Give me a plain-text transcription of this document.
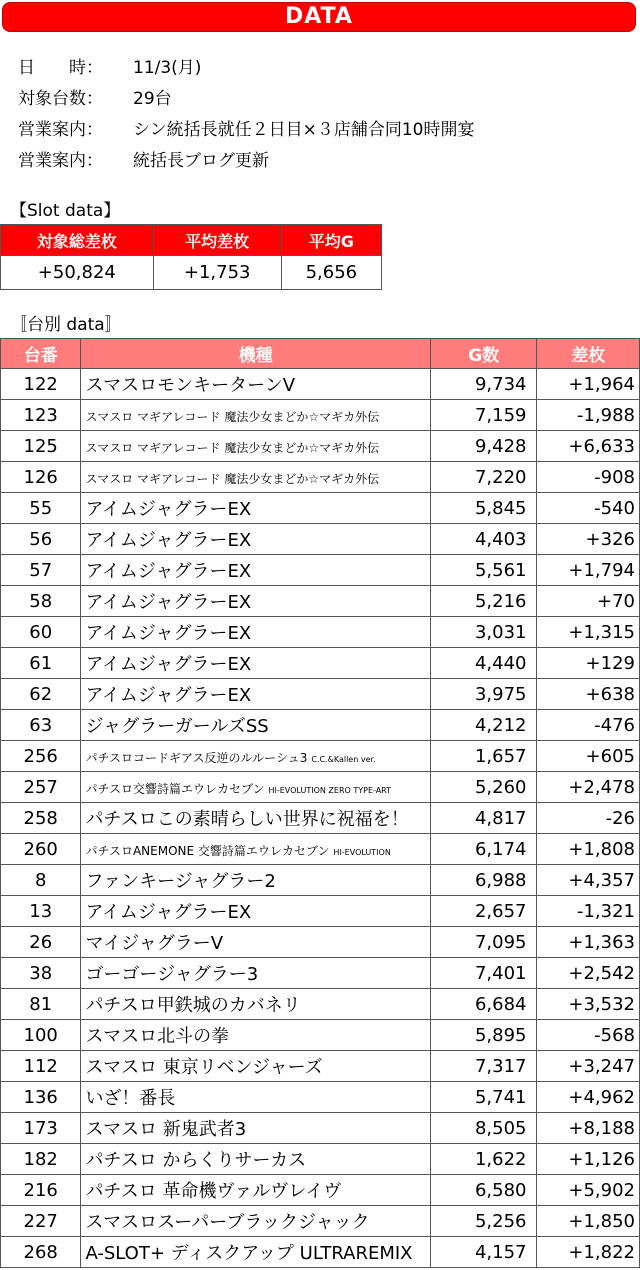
DATA
日　　時：	11/3(月)
対象台数：	29台
営業案内：	シン統括長就任２日目×３店舗合同10時開宴
営業案内：	統括長ブログ更新
【Slot data】
対象総差枚	平均差枚	平均G
+50,824	+1,753	5,656
〚台別 data〛
台番	機種	G数	差枚
122	スマスロモンキーターンV	9,734	+1,964
123	スマスロ マギアレコード 魔法少女まどか☆マギカ外伝	7,159	-1,988
125	スマスロ マギアレコード 魔法少女まどか☆マギカ外伝	9,428	+6,633
126	スマスロ マギアレコード 魔法少女まどか☆マギカ外伝	7,220	-908
55	アイムジャグラーEX	5,845	-540
56	アイムジャグラーEX	4,403	+326
57	アイムジャグラーEX	5,561	+1,794
58	アイムジャグラーEX	5,216	+70
60	アイムジャグラーEX	3,031	+1,315
61	アイムジャグラーEX	4,440	+129
62	アイムジャグラーEX	3,975	+638
63	ジャグラーガールズSS	4,212	-476
256	パチスロコードギアス反逆のルルーシュ3 C.C.&Kallen ver.	1,657	+605
257	パチスロ交響詩篇エウレカセブン HI-EVOLUTION ZERO TYPE-ART	5,260	+2,478
258	パチスロこの素晴らしい世界に祝福を！	4,817	-26
260	パチスロANEMONE 交響詩篇エウレカセブン HI-EVOLUTION	6,174	+1,808
8	ファンキージャグラー2	6,988	+4,357
13	アイムジャグラーEX	2,657	-1,321
26	マイジャグラーV	7,095	+1,363
38	ゴーゴージャグラー3	7,401	+2,542
81	パチスロ甲鉄城のカバネリ	6,684	+3,532
100	スマスロ北斗の拳	5,895	-568
112	スマスロ 東京リベンジャーズ	7,317	+3,247
136	いざ！番長	5,741	+4,962
173	スマスロ 新鬼武者3	8,505	+8,188
182	パチスロ からくりサーカス	1,622	+1,126
216	パチスロ 革命機ヴァルヴレイヴ	6,580	+5,902
227	スマスロスーパーブラックジャック	5,256	+1,850
268	A-SLOT+ ディスクアップ ULTRAREMIX	4,157	+1,822
